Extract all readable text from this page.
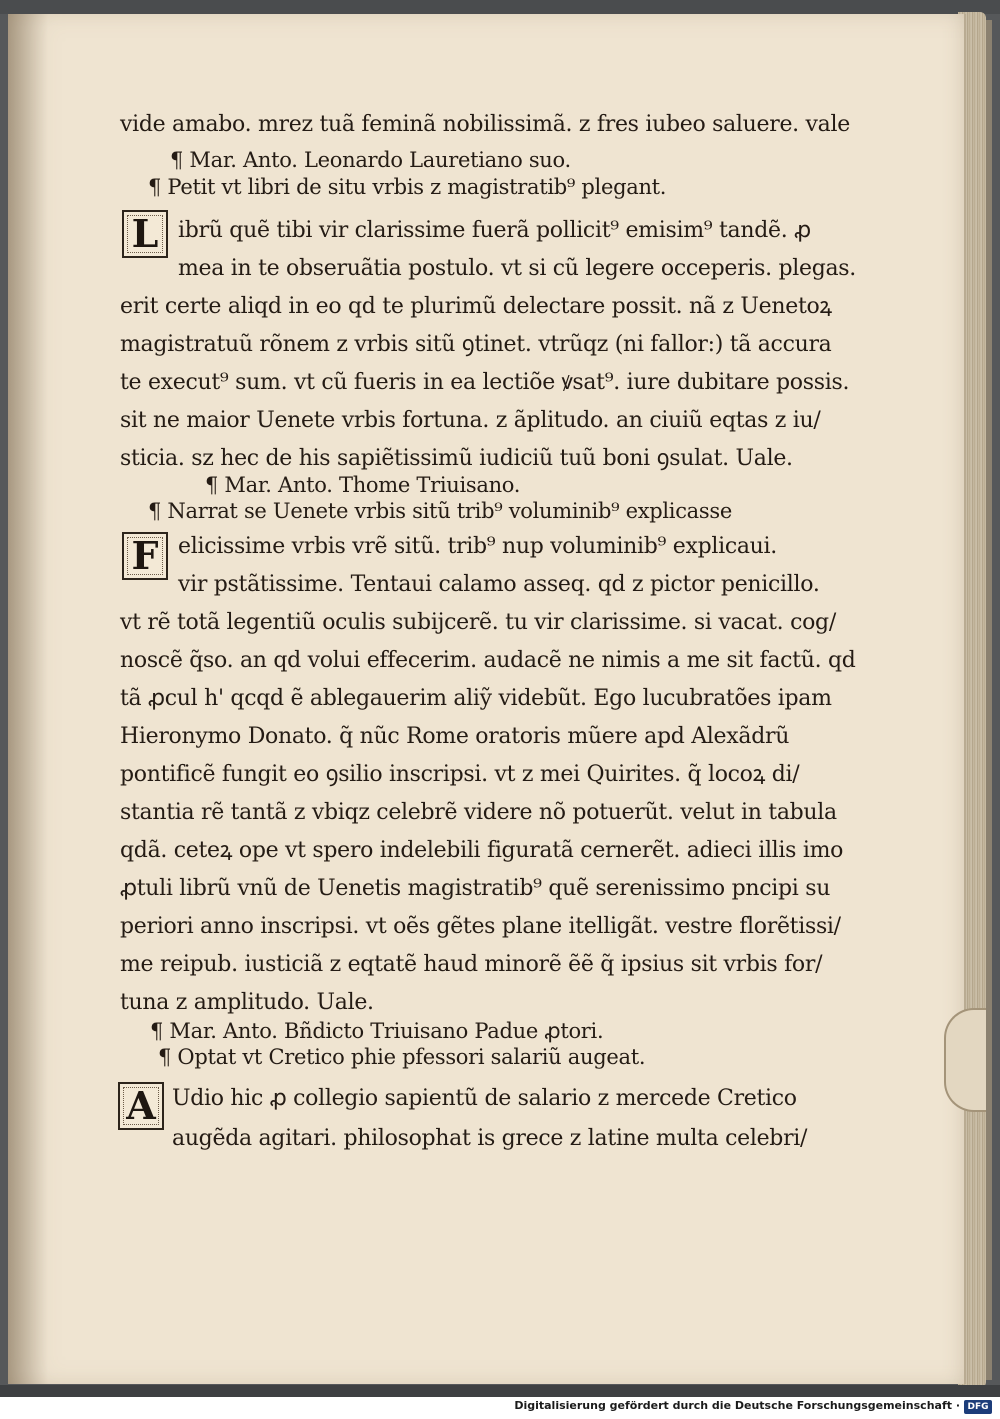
vide amabo. mrez tuã feminã nobilissimã. z fres iubeo saluere. vale
¶ Mar. Anto. Leonardo Lauretiano suo.
¶ Petit vt libri de situ vrbis z magistratib⁹ plegant.
L ibrũ quẽ tibi vir clarissime fuerã pollicit⁹ emisim⁹ tandẽ. ꝓ
mea in te obseruãtia postulo. vt si cũ legere occeperis. plegas.
erit certe aliqd in eo qd te plurimũ delectare possit. nã z Uenetoꝝ
magistratuũ rõnem z vrbis sitũ ꝯtinet. vtrũqz (ni fallor:) tã accura
te execut⁹ sum. vt cũ fueris in ea lectiõe ꝟsat⁹. iure dubitare possis.
sit ne maior Uenete vrbis fortuna. z ãplitudo. an ciuiũ eqtas z iu/
sticia. sz hec de his sapiẽtissimũ iudiciũ tuũ boni ꝯsulat. Uale.
¶ Mar. Anto. Thome Triuisano.
¶ Narrat se Uenete vrbis sitũ trib⁹ voluminib⁹ explicasse
F elicissime vrbis vrẽ sitũ. trib⁹ nup voluminib⁹ explicaui.
vir pstãtissime. Tentaui calamo asseq. qd z pictor penicillo.
vt rẽ totã legentiũ oculis subijcerẽ. tu vir clarissime. si vacat. cog/
noscẽ q̃so. an qd volui effecerim. audacẽ ne nimis a me sit factũ. qd
tã ꝓcul h' qcqd ẽ ablegauerim aliỹ videbũt. Ego lucubratões ipam
Hieronymo Donato. q̃ nũc Rome oratoris mũere apd Alexãdrũ
pontificẽ fungit eo ꝯsilio inscripsi. vt z mei Quirites. q̃ locoꝝ di/
stantia rẽ tantã z vbiqz celebrẽ videre nõ potuerũt. velut in tabula
qdã. ceteꝝ ope vt spero indelebili figuratã cernerẽt. adieci illis imo
ꝓtuli librũ vnũ de Uenetis magistratib⁹ quẽ serenissimo pncipi su
periori anno inscripsi. vt oẽs gẽtes plane itelligãt. vestre florẽtissi/
me reipub. iusticiã z eqtatẽ haud minorẽ ẽẽ q̃ ipsius sit vrbis for/
tuna z amplitudo. Uale.
¶ Mar. Anto. Bñdicto Triuisano Padue ꝓtori.
¶ Optat vt Cretico phie pfessori salariũ augeat.
A Udio hic ꝓ collegio sapientũ de salario z mercede Cretico
augẽda agitari. philosophat is grece z latine multa celebri/
Digitalisierung gefördert durch die Deutsche Forschungsgemeinschaft · DFG
